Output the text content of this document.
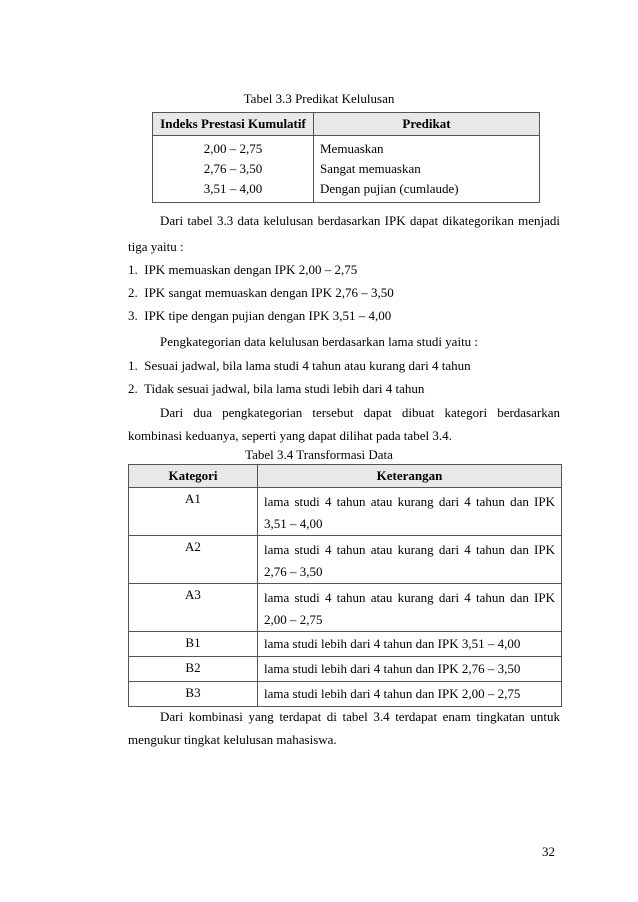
Tabel 3.3 Predikat Kelulusan
Indeks Prestasi Kumulatif	Predikat
2,00 – 2,75	Memuaskan
2,76 – 3,50	Sangat memuaskan
3,51 – 4,00	Dengan pujian (cumlaude)
Dari tabel 3.3 data kelulusan berdasarkan IPK dapat dikategorikan menjadi
tiga yaitu :
1.  IPK memuaskan dengan IPK 2,00 – 2,75
2.  IPK sangat memuaskan dengan IPK 2,76 – 3,50
3.  IPK tipe dengan pujian dengan IPK 3,51 – 4,00
Pengkategorian data kelulusan berdasarkan lama studi yaitu :
1.  Sesuai jadwal, bila lama studi 4 tahun atau kurang dari 4 tahun
2.  Tidak sesuai jadwal, bila lama studi lebih dari 4 tahun
Dari dua pengkategorian tersebut dapat dibuat kategori berdasarkan
kombinasi keduanya, seperti yang dapat dilihat pada tabel 3.4.
Tabel 3.4 Transformasi Data
Kategori	Keterangan
A1	lama studi 4 tahun atau kurang dari 4 tahun dan IPK
3,51 – 4,00

A2	lama studi 4 tahun atau kurang dari 4 tahun dan IPK
2,76 – 3,50

A3	lama studi 4 tahun atau kurang dari 4 tahun dan IPK
2,00 – 2,75

B1	lama studi lebih dari 4 tahun dan IPK 3,51 – 4,00
B2	lama studi lebih dari 4 tahun dan IPK 2,76 – 3,50
B3	lama studi lebih dari 4 tahun dan IPK 2,00 – 2,75
Dari kombinasi yang terdapat di tabel 3.4 terdapat enam tingkatan untuk
mengukur tingkat kelulusan mahasiswa.
32
